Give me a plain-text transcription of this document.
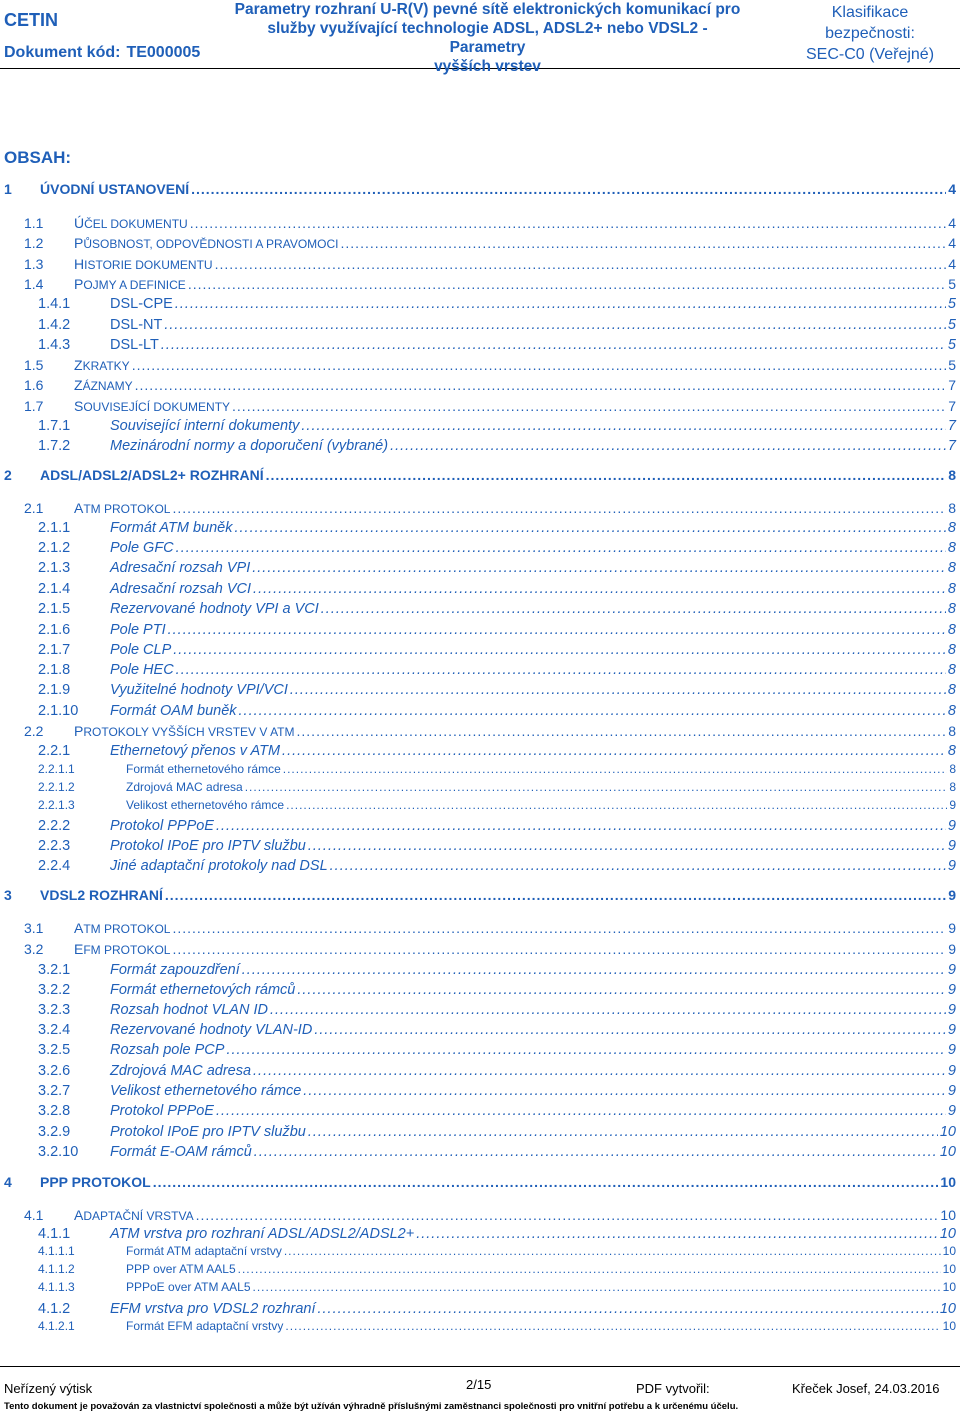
CETIN
Dokument kód: TE000005
Parametry rozhraní U-R(V) pevné sítě elektronických komunikací pro
služby využívající technologie ADSL, ADSL2+ nebo VDSL2 - Parametry
vyšších vrstev
Klasifikace
bezpečnosti:
SEC-C0 (Veřejné)
OBSAH:
1	ÚVODNÍ USTANOVENÍ .....	4
1.1	ÚČEL DOKUMENTU .....	4
1.2	PŮSOBNOST, ODPOVĚDNOSTI A PRAVOMOCI .....	4
1.3	HISTORIE DOKUMENTU .....	4
1.4	POJMY A DEFINICE .....	5
1.4.1	DSL-CPE .....	5
1.4.2	DSL-NT .....	5
1.4.3	DSL-LT .....	5
1.5	ZKRATKY .....	5
1.6	ZÁZNAMY .....	7
1.7	SOUVISEJÍCÍ DOKUMENTY .....	7
1.7.1	Související interní dokumenty .....	7
1.7.2	Mezinárodní normy a doporučení (vybrané) .....	7
2	ADSL/ADSL2/ADSL2+ ROZHRANÍ .....	8
2.1	ATM PROTOKOL .....	8
2.1.1	Formát ATM buněk .....	8
2.1.2	Pole GFC .....	8
2.1.3	Adresační rozsah VPI .....	8
2.1.4	Adresační rozsah VCI .....	8
2.1.5	Rezervované hodnoty VPI a VCI .....	8
2.1.6	Pole PTI .....	8
2.1.7	Pole CLP .....	8
2.1.8	Pole HEC .....	8
2.1.9	Využitelné hodnoty VPI/VCI .....	8
2.1.10	Formát OAM buněk .....	8
2.2	PROTOKOLY VYŠŠÍCH VRSTEV V ATM .....	8
2.2.1	Ethernetový přenos v ATM .....	8
2.2.1.1	Formát ethernetového rámce .....	8
2.2.1.2	Zdrojová MAC adresa .....	8
2.2.1.3	Velikost ethernetového rámce .....	9
2.2.2	Protokol PPPoE .....	9
2.2.3	Protokol IPoE pro IPTV službu .....	9
2.2.4	Jiné adaptační protokoly nad DSL .....	9
3	VDSL2 ROZHRANÍ .....	9
3.1	ATM PROTOKOL .....	9
3.2	EFM PROTOKOL .....	9
3.2.1	Formát zapouzdření .....	9
3.2.2	Formát ethernetových rámců .....	9
3.2.3	Rozsah hodnot VLAN ID .....	9
3.2.4	Rezervované hodnoty VLAN-ID .....	9
3.2.5	Rozsah pole PCP .....	9
3.2.6	Zdrojová MAC adresa .....	9
3.2.7	Velikost ethernetového rámce .....	9
3.2.8	Protokol PPPoE .....	9
3.2.9	Protokol IPoE pro IPTV službu .....	10
3.2.10	Formát E-OAM rámců .....	10
4	PPP PROTOKOL .....	10
4.1	ADAPTAČNÍ VRSTVA .....	10
4.1.1	ATM vrstva pro rozhraní ADSL/ADSL2/ADSL2+ .....	10
4.1.1.1	Formát ATM adaptační vrstvy .....	10
4.1.1.2	PPP over ATM AAL5 .....	10
4.1.1.3	PPPoE over ATM AAL5 .....	10
4.1.2	EFM vrstva pro VDSL2 rozhraní .....	10
4.1.2.1	Formát EFM adaptační vrstvy .....	10
Neřízený výtisk	2/15	PDF vytvořil:	Křeček Josef, 24.03.2016
Tento dokument je považován za vlastnictví společnosti a může být užíván výhradně příslušnými zaměstnanci společnosti pro vnitřní potřebu a k určenému účelu.
